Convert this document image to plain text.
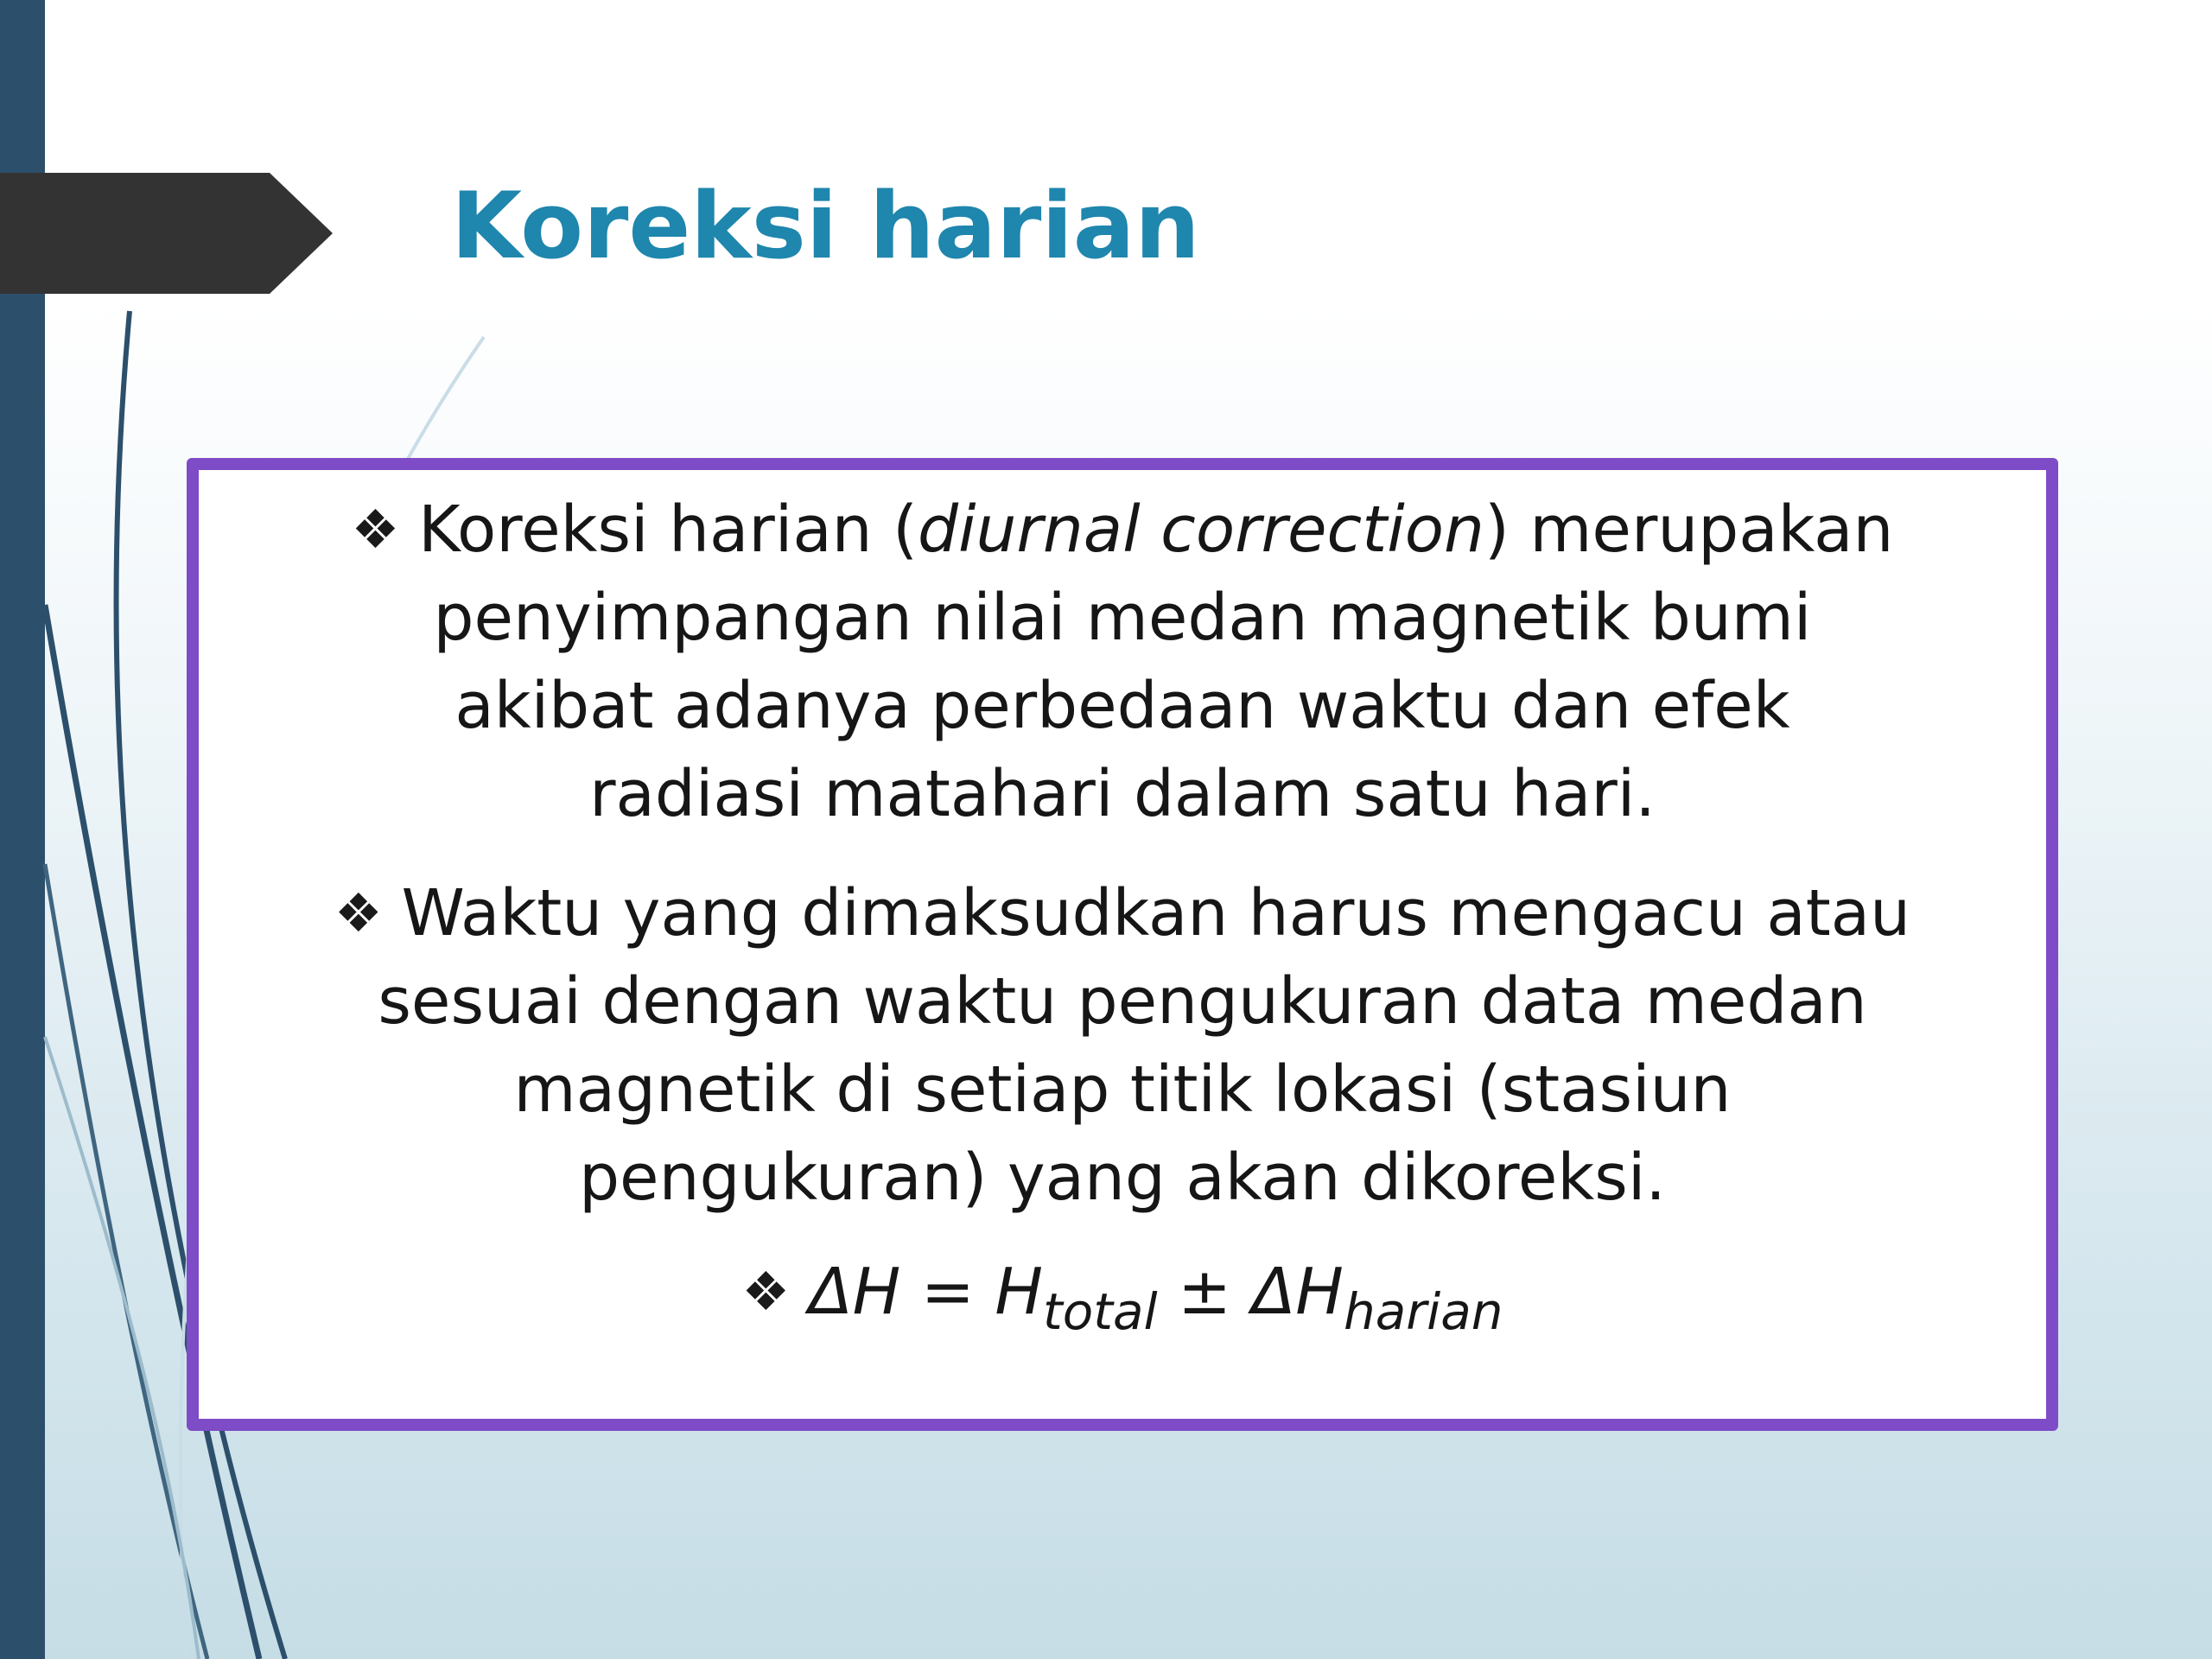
Koreksi harian
❖ Koreksi harian (diurnal correction) merupakan
penyimpangan nilai medan magnetik bumi
akibat adanya perbedaan waktu dan efek
radiasi matahari dalam satu hari.
❖ Waktu yang dimaksudkan harus mengacu atau
sesuai dengan waktu pengukuran data medan
magnetik di setiap titik lokasi (stasiun
pengukuran) yang akan dikoreksi.
❖ $\Delta H = H_{total} \pm \Delta H_{harian}$
